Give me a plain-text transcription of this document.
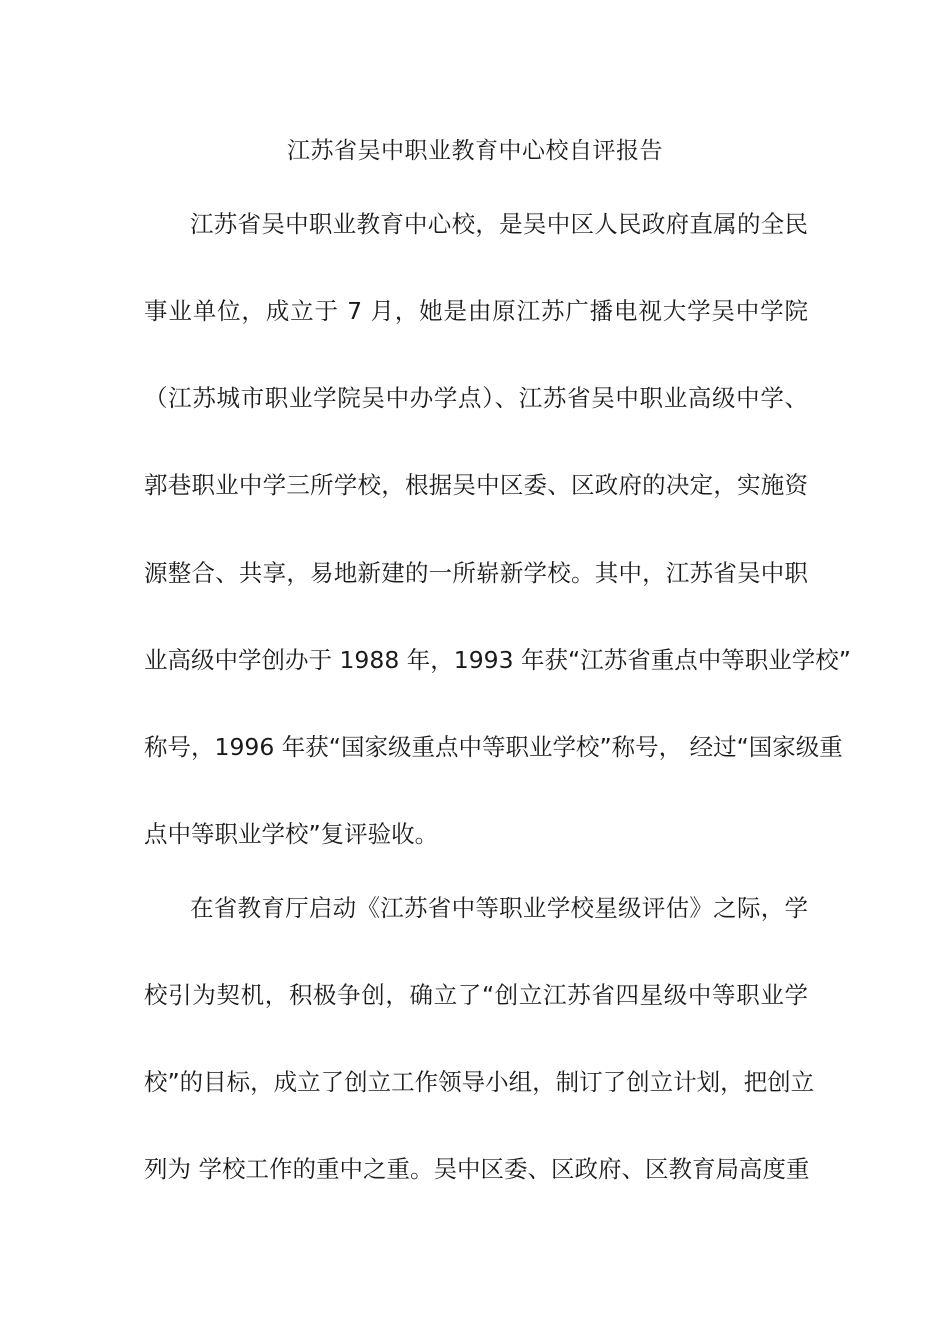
江苏省吴中职业教育中心校自评报告

江苏省吴中职业教育中心校，是吴中区人民政府直属的全民

事业单位，成立于 7 月，她是由原江苏广播电视大学吴中学院

（江苏城市职业学院吴中办学点）、江苏省吴中职业高级中学、

郭巷职业中学三所学校，根据吴中区委、区政府的决定，实施资

源整合、共享，易地新建的一所崭新学校。其中，江苏省吴中职

业高级中学创办于 1988 年，1993 年获“江苏省重点中等职业学校”

称号，1996 年获“国家级重点中等职业学校”称号， 经过“国家级重

点中等职业学校”复评验收。

在省教育厅启动《江苏省中等职业学校星级评估》之际，学

校引为契机，积极争创，确立了“创立江苏省四星级中等职业学

校”的目标，成立了创立工作领导小组，制订了创立计划，把创立

列为 学校工作的重中之重。吴中区委、区政府、区教育局高度重
